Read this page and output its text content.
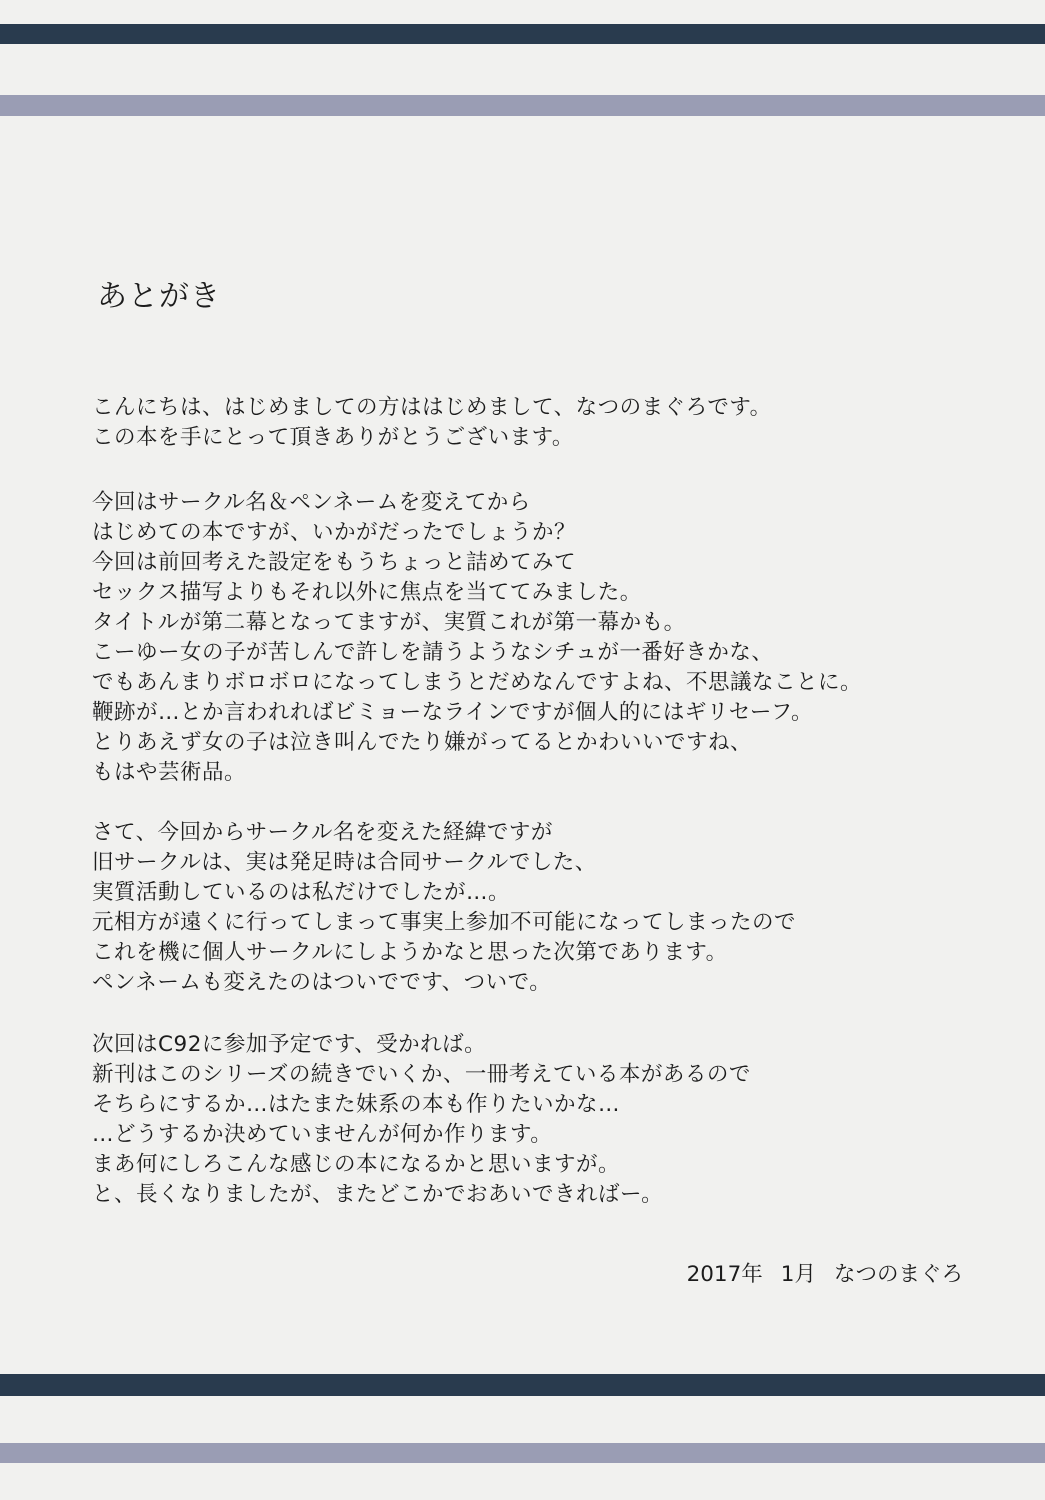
あとがき

こんにちは、はじめましての方ははじめまして、なつのまぐろです。

この本を手にとって頂きありがとうございます。

今回はサークル名＆ペンネームを変えてから

はじめての本ですが、いかがだったでしょうか？

今回は前回考えた設定をもうちょっと詰めてみて

セックス描写よりもそれ以外に焦点を当ててみました。

タイトルが第二幕となってますが、実質これが第一幕かも。

こーゆー女の子が苦しんで許しを請うようなシチュが一番好きかな、

でもあんまりボロボロになってしまうとだめなんですよね、不思議なことに。

鞭跡が…とか言われればビミョーなラインですが個人的にはギリセーフ。

とりあえず女の子は泣き叫んでたり嫌がってるとかわいいですね、

もはや芸術品。

さて、今回からサークル名を変えた経緯ですが

旧サークルは、実は発足時は合同サークルでした、

実質活動しているのは私だけでしたが…。

元相方が遠くに行ってしまって事実上参加不可能になってしまったので

これを機に個人サークルにしようかなと思った次第であります。

ペンネームも変えたのはついでです、ついで。

次回はC92に参加予定です、受かれば。

新刊はこのシリーズの続きでいくか、一冊考えている本があるので

そちらにするか…はたまた妹系の本も作りたいかな…

…どうするか決めていませんが何か作ります。

まあ何にしろこんな感じの本になるかと思いますが。

と、長くなりましたが、またどこかでおあいできればー。

2017年 1月 なつのまぐろ
